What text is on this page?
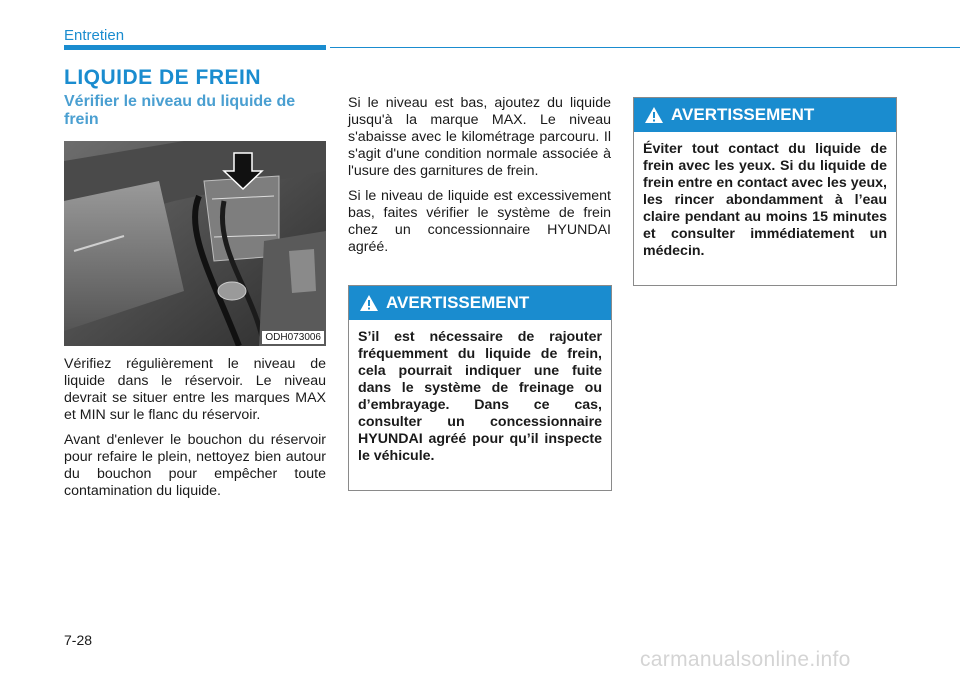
Entretien
LIQUIDE DE FREIN
Vérifier le niveau du liquide de frein
ODH073006

Vérifiez régulièrement le niveau de liquide dans le réservoir. Le niveau devrait se situer entre les marques MAX et MIN sur le flanc du réservoir.

Avant d'enlever le bouchon du réservoir pour refaire le plein, nettoyez bien autour du bouchon pour empêcher toute contamination du liquide.

Si le niveau est bas, ajoutez du liquide jusqu'à la marque MAX. Le niveau s'abaisse avec le kilométrage parcouru. Il s'agit d'une condition normale associée à l'usure des garnitures de frein.

Si le niveau de liquide est excessivement bas, faites vérifier le système de frein chez un concessionnaire HYUNDAI agréé.

AVERTISSEMENT
S’il est nécessaire de rajouter fréquemment du liquide de frein, cela pourrait indiquer une fuite dans le système de freinage ou d’embrayage. Dans ce cas, consulter un concessionnaire HYUNDAI agréé pour qu’il inspecte le véhicule.
AVERTISSEMENT
Éviter tout contact du liquide de frein avec les yeux. Si du liquide de frein entre en contact avec les yeux, les rincer abondamment à l’eau claire pendant au moins 15 minutes et consulter immédiatement un médecin.
7-28
carmanualsonline.info
